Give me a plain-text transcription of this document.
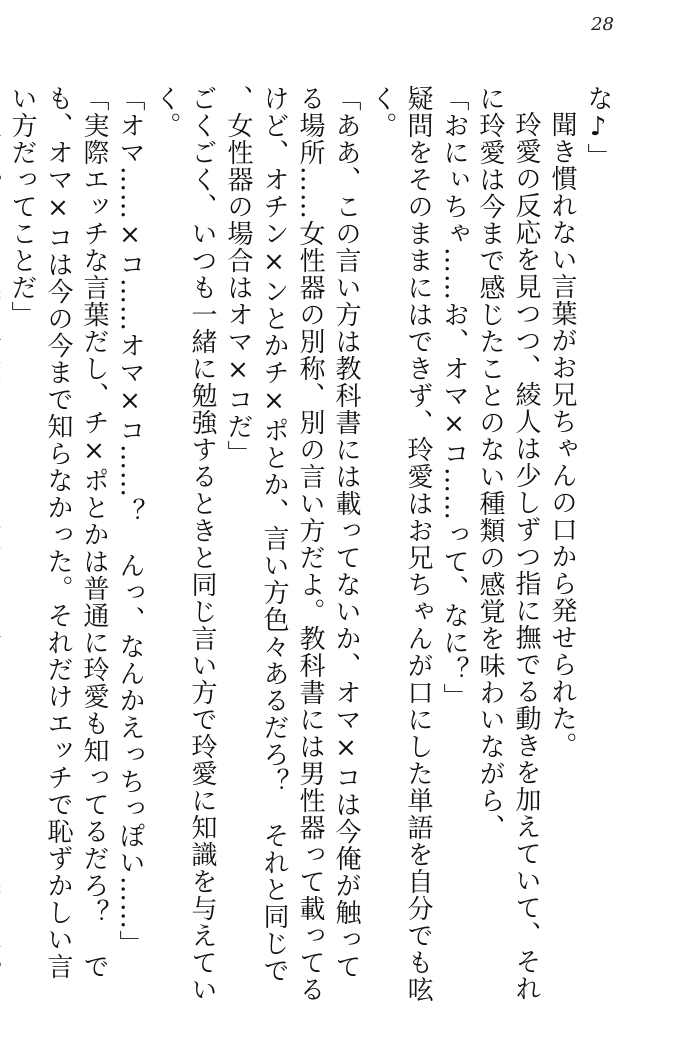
28

な♪」

聞き慣れない言葉がお兄ちゃんの口から発せられた。

玲愛の反応を見つつ、綾人は少しずつ指に撫でる動きを加えていて、それに玲愛は今まで感じたことのない種類の感覚を味わいながら、

「おにぃちゃ……お、オマ×コ……って、なに？」

疑問をそのままにはできず、玲愛はお兄ちゃんが口にした単語を自分でも呟く。

「ああ、この言い方は教科書には載ってないか、オマ×コは今俺が触ってる場所……女性器の別称、別の言い方だよ。教科書には男性器って載ってるけど、オチン×ンとかチ×ポとか、言い方色々あるだろ？　それと同じで、女性器の場合はオマ×コだ」

ごくごく、いつも一緒に勉強するときと同じ言い方で玲愛に知識を与えていく。

「オマ……×コ……オマ×コ……？　んっ、なんかえっちっぽい……」

「実際エッチな言葉だし、チ×ポとかは普通に玲愛も知ってるだろ？　でも、オマ×コは今の今まで知らなかった。それだけエッチで恥ずかしい言い方だってことだ」
